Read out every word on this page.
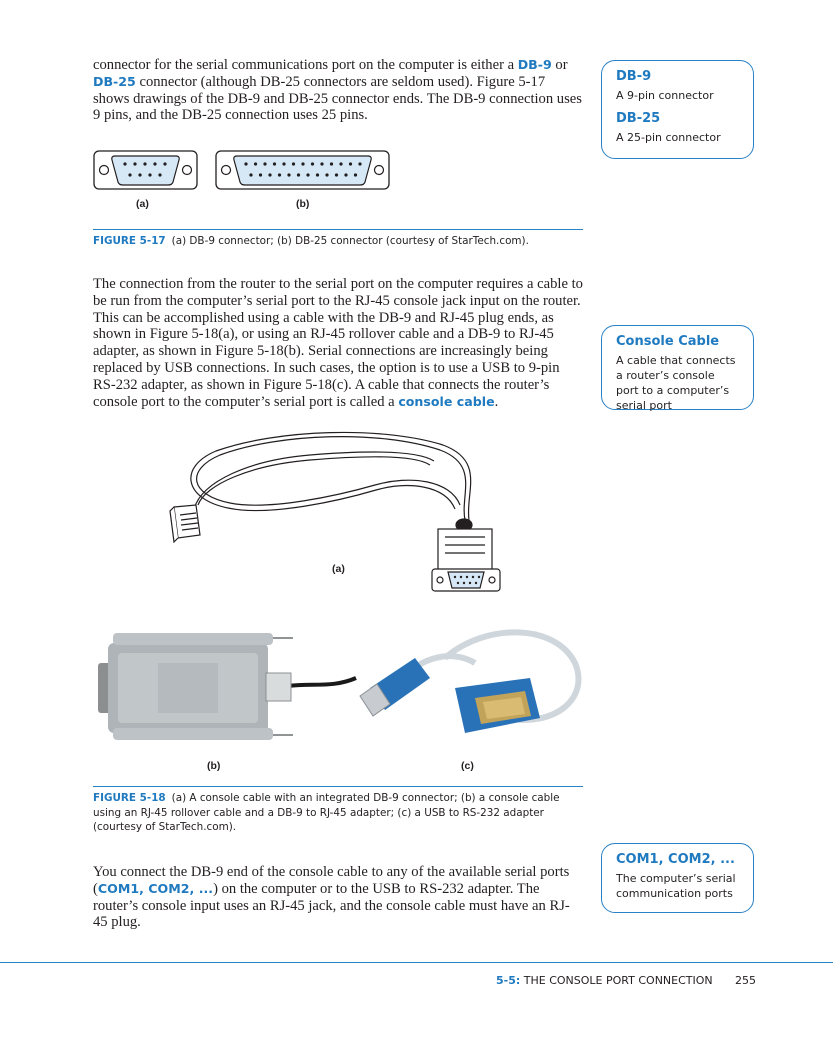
connector for the serial communications port on the computer is either a DB-9 or DB-25 connector (although DB-25 connectors are seldom used). Figure 5-17 shows drawings of the DB-9 and DB-25 connector ends. The DB-9 connection uses 9 pins, and the DB-25 connection uses 25 pins.

DB-9

A 9-pin connector

DB-25

A 25-pin connector

(a)	(b)

FIGURE 5-17 (a) DB-9 connector; (b) DB-25 connector (courtesy of StarTech.com).

The connection from the router to the serial port on the computer requires a cable to be run from the computer’s serial port to the RJ-45 console jack input on the router. This can be accomplished using a cable with the DB-9 and RJ-45 plug ends, as shown in Figure 5-18(a), or using an RJ-45 rollover cable and a DB-9 to RJ-45 adapter, as shown in Figure 5-18(b). Serial connections are increasingly being replaced by USB connections. In such cases, the option is to use a USB to 9-pin RS-232 adapter, as shown in Figure 5-18(c). A cable that connects the router’s console port to the computer’s serial port is called a console cable.

Console Cable

A cable that connects a router’s console port to a computer’s serial port

(a)
(b)	(c)

FIGURE 5-18 (a) A console cable with an integrated DB-9 connector; (b) a console cable using an RJ-45 rollover cable and a DB-9 to RJ-45 adapter; (c) a USB to RS-232 adapter (courtesy of StarTech.com).

You connect the DB-9 end of the console cable to any of the available serial ports (COM1, COM2, ...) on the computer or to the USB to RS-232 adapter. The router’s console input uses an RJ-45 jack, and the console cable must have an RJ-45 plug.

COM1, COM2, ...

The computer’s serial communication ports

5-5: THE CONSOLE PORT CONNECTION 255
